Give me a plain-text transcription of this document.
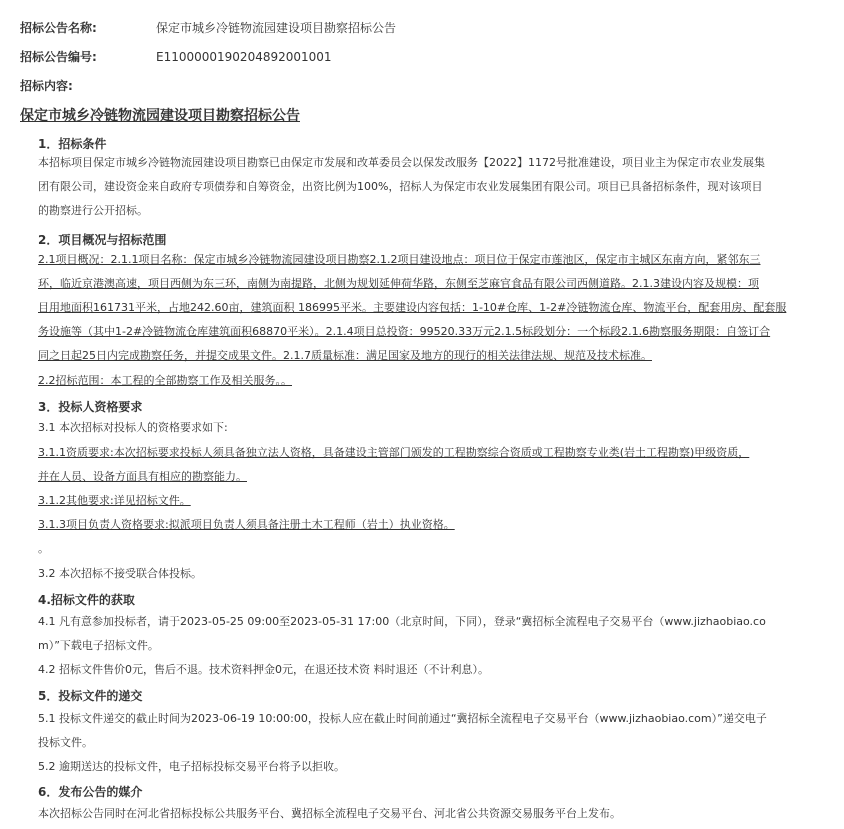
招标公告名称:	保定市城乡冷链物流园建设项目勘察招标公告
招标公告编号:	E1100000190204892001001
招标内容:
保定市城乡冷链物流园建设项目勘察招标公告
1．招标条件
本招标项目保定市城乡冷链物流园建设项目勘察已由保定市发展和改革委员会以保发改服务【2022】1172号批准建设，项目业主为保定市农业发展集
团有限公司，建设资金来自政府专项债券和自筹资金，出资比例为100%，招标人为保定市农业发展集团有限公司。项目已具备招标条件，现对该项目
的勘察进行公开招标。
2．项目概况与招标范围
2.1项目概况：2.1.1项目名称：保定市城乡冷链物流园建设项目勘察2.1.2项目建设地点：项目位于保定市莲池区，保定市主城区东南方向，紧邻东三
环，临近京港澳高速，项目西侧为东三环，南侧为南提路，北侧为规划延伸荷华路，东侧至芝麻官食品有限公司西侧道路。2.1.3建设内容及规模：项
目用地面积161731平米，占地242.60亩，建筑面积 186995平米。主要建设内容包括：1-10#仓库、1-2#冷链物流仓库、物流平台，配套用房、配套服
务设施等（其中1-2#冷链物流仓库建筑面积68870平米）。2.1.4项目总投资：99520.33万元2.1.5标段划分：一个标段2.1.6勘察服务期限：自签订合
同之日起25日内完成勘察任务，并提交成果文件。2.1.7质量标准：满足国家及地方的现行的相关法律法规、规范及技术标准。
2.2招标范围：本工程的全部勘察工作及相关服务。。
3．投标人资格要求
3.1 本次招标对投标人的资格要求如下:
3.1.1资质要求:本次招标要求投标人须具备独立法人资格，具备建设主管部门颁发的工程勘察综合资质或工程勘察专业类(岩土工程勘察)甲级资质，
并在人员、设备方面具有相应的勘察能力。
3.1.2其他要求:详见招标文件。
3.1.3项目负责人资格要求:拟派项目负责人须具备注册土木工程师（岩土）执业资格。
。
3.2 本次招标不接受联合体投标。
4.招标文件的获取
4.1 凡有意参加投标者，请于2023-05-25 09:00至2023-05-31 17:00（北京时间，下同），登录“冀招标全流程电子交易平台（www.jizhaobiao.co
m）”下载电子招标文件。
4.2 招标文件售价0元，售后不退。技术资料押金0元，在退还技术资 料时退还（不计利息）。
5．投标文件的递交
5.1 投标文件递交的截止时间为2023-06-19 10:00:00，投标人应在截止时间前通过“冀招标全流程电子交易平台（www.jizhaobiao.com）”递交电子
投标文件。
5.2 逾期送达的投标文件，电子招标投标交易平台将予以拒收。
6．发布公告的媒介
本次招标公告同时在河北省招标投标公共服务平台、冀招标全流程电子交易平台、河北省公共资源交易服务平台上发布。
